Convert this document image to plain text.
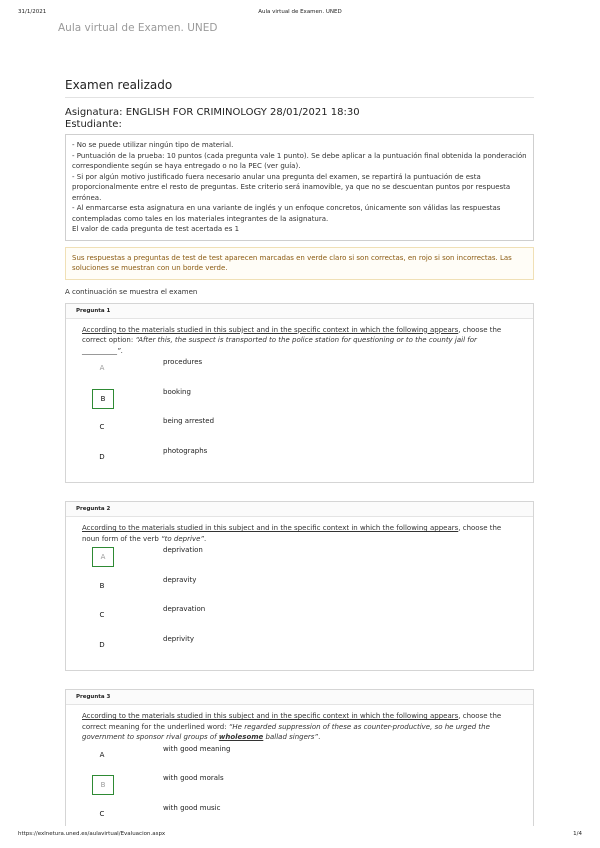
31/1/2021	Aula virtual de Examen. UNED
Aula virtual de Examen. UNED
Examen realizado
Asignatura: ENGLISH FOR CRIMINOLOGY 28/01/2021 18:30
Estudiante:
- No se puede utilizar ningún tipo de material.
- Puntuación de la prueba: 10 puntos (cada pregunta vale 1 punto). Se debe aplicar a la puntuación final obtenida la ponderación correspondiente según se haya entregado o no la PEC (ver guía).
- Si por algún motivo justificado fuera necesario anular una pregunta del examen, se repartirá la puntuación de esta proporcionalmente entre el resto de preguntas. Este criterio será inamovible, ya que no se descuentan puntos por respuesta errónea.
- Al enmarcarse esta asignatura en una variante de inglés y un enfoque concretos, únicamente son válidas las respuestas contempladas como tales en los materiales integrantes de la asignatura.
El valor de cada pregunta de test acertada es 1
Sus respuestas a preguntas de test de test aparecen marcadas en verde claro si son correctas, en rojo si son incorrectas. Las soluciones se muestran con un borde verde.
A continuación se muestra el examen
Pregunta 1
According to the materials studied in this subject and in the specific context in which the following appears, choose the correct option: “After this, the suspect is transported to the police station for questioning or to the county jail for __________”.
A
procedures
B
booking
C
being arrested
D
photographs
Pregunta 2
According to the materials studied in this subject and in the specific context in which the following appears, choose the noun form of the verb “to deprive”.
A
deprivation
B
depravity
C
depravation
D
deprivity
Pregunta 3
According to the materials studied in this subject and in the specific context in which the following appears, choose the correct meaning for the underlined word: “He regarded suppression of these as counter-productive, so he urged the government to sponsor rival groups of wholesome ballad singers”.
A
with good meaning
B
with good morals
C
with good music
https://exlnetura.uned.es/aulavirtual/Evaluacion.aspx	1/4
